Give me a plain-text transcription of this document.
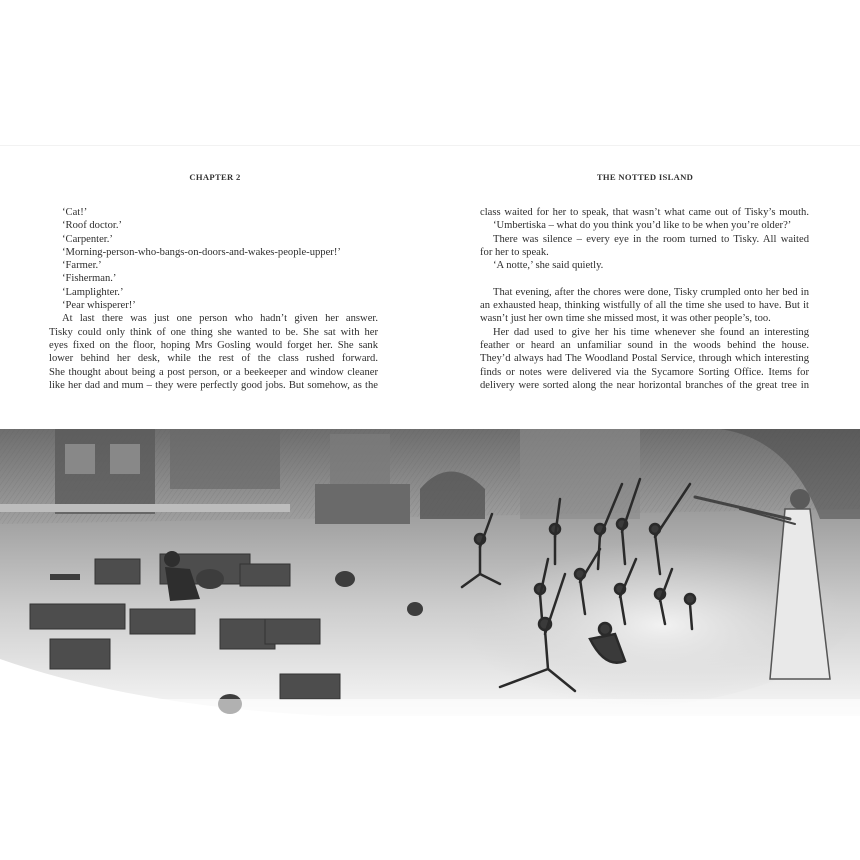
CHAPTER 2
‘Cat!’
‘Roof doctor.’
‘Carpenter.’
‘Morning-person-who-bangs-on-doors-and-wakes-people-upper!’
‘Farmer.’
‘Fisherman.’
‘Lamplighter.’
‘Pear whisperer!’
At last there was just one person who hadn’t given her answer.
Tisky could only think of one thing she wanted to be. She sat with her
eyes fixed on the floor, hoping Mrs Gosling would forget her. She sank
lower behind her desk, while the rest of the class rushed forward.
She thought about being a post person, or a beekeeper and window cleaner
like her dad and mum – they were perfectly good jobs. But somehow, as the
THE NOTTED ISLAND
class waited for her to speak, that wasn’t what came out of Tisky’s mouth.
‘Umbertiska – what do you think you’d like to be when you’re older?’
There was silence – every eye in the room turned to Tisky. All waited
for her to speak.
‘A notte,’ she said quietly.
That evening, after the chores were done, Tisky crumpled onto her bed in
an exhausted heap, thinking wistfully of all the time she used to have. But it
wasn’t just her own time she missed most, it was other people’s, too.
Her dad used to give her his time whenever she found an interesting
feather or heard an unfamiliar sound in the woods behind the house.
They’d always had The Woodland Postal Service, through which interesting
finds or notes were delivered via the Sycamore Sorting Office. Items for
delivery were sorted along the near horizontal branches of the great tree in
